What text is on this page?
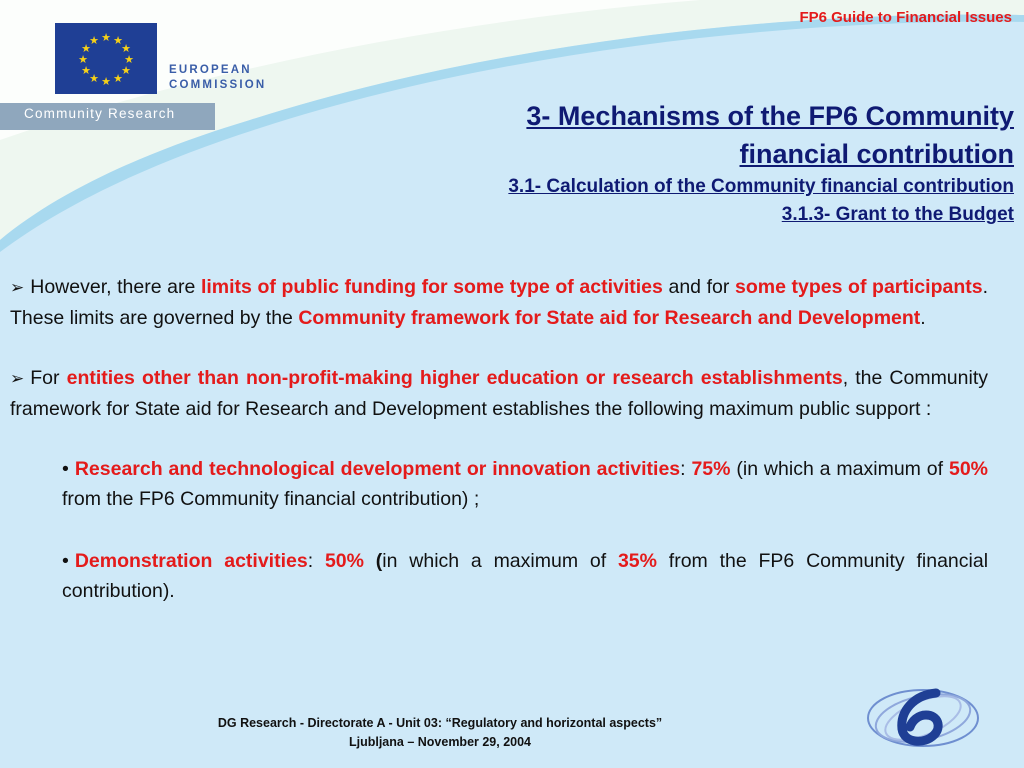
★ ★
★
★
★
★
★
★
★
★
★
★
EUROPEAN
COMMISSION
Community Research
FP6 Guide to Financial Issues
3- Mechanisms of the FP6 Community
financial contribution
3.1- Calculation of the Community financial contribution
3.1.3- Grant to the Budget

➢ However, there are limits of public funding for some type of activities and for some types of participants. These limits are governed by the Community framework for State aid for Research and Development.

➢ For entities other than non-profit-making higher education or research establishments, the Community framework for State aid for Research and Development establishes the following maximum public support :

• Research and technological development or innovation activities: 75% (in which a maximum of 50% from the FP6 Community financial contribution) ;

• Demonstration activities: 50% (in which a maximum of 35% from the FP6 Community financial contribution).

DG Research - Directorate A - Unit 03: “Regulatory and horizontal aspects”
Ljubljana – November 29, 2004
